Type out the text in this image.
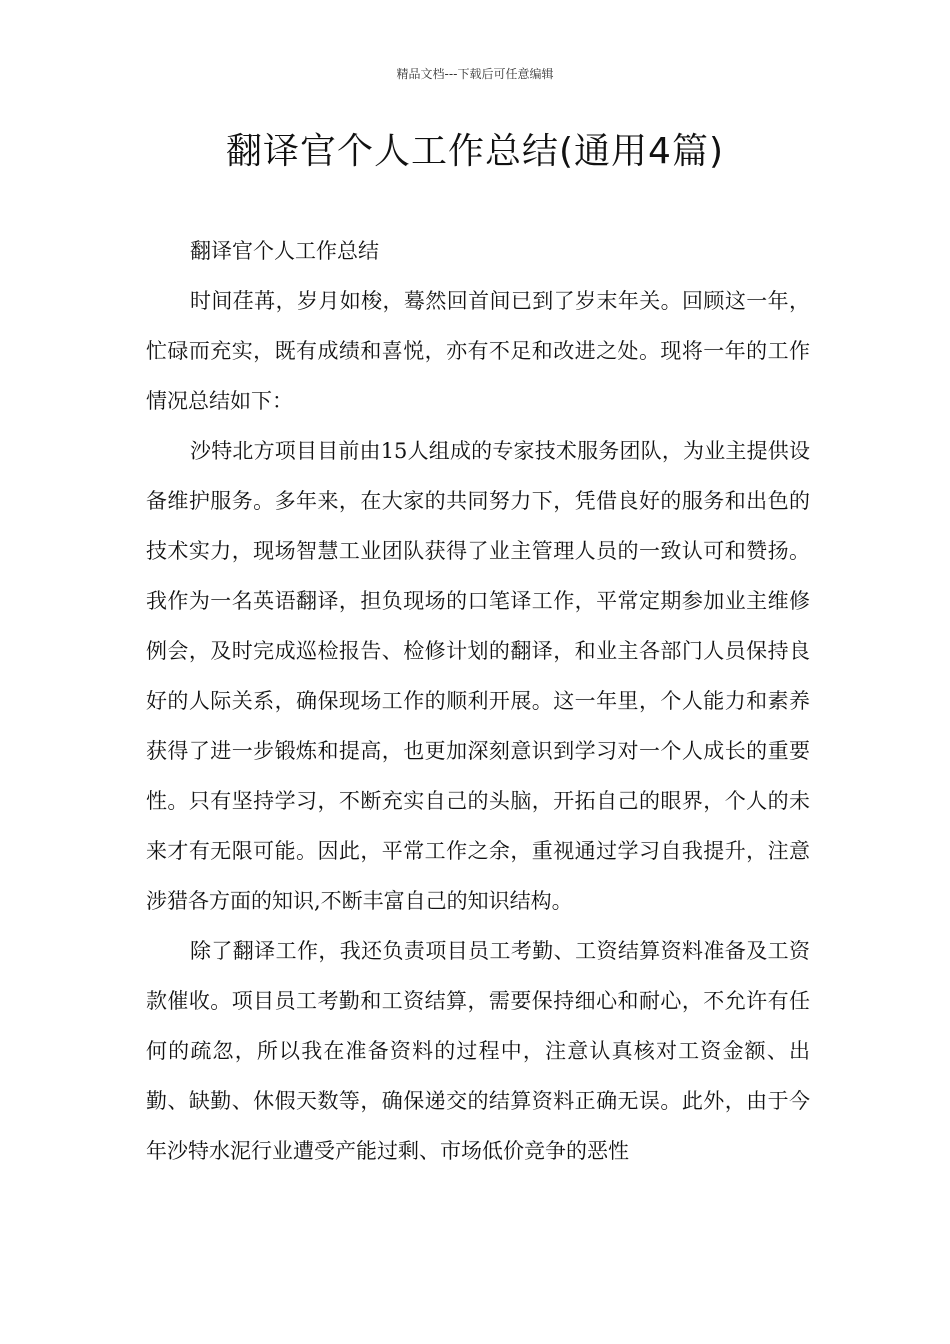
精品文档---下载后可任意编辑
翻译官个人工作总结(通用4篇)

翻译官个人工作总结

时间荏苒，岁月如梭，蓦然回首间已到了岁末年关。回顾这一年，忙碌而充实，既有成绩和喜悦，亦有不足和改进之处。现将一年的工作情况总结如下：

沙特北方项目目前由15人组成的专家技术服务团队，为业主提供设备维护服务。多年来，在大家的共同努力下，凭借良好的服务和出色的技术实力，现场智慧工业团队获得了业主管理人员的一致认可和赞扬。我作为一名英语翻译，担负现场的口笔译工作，平常定期参加业主维修例会，及时完成巡检报告、检修计划的翻译，和业主各部门人员保持良好的人际关系，确保现场工作的顺利开展。这一年里，个人能力和素养获得了进一步锻炼和提高，也更加深刻意识到学习对一个人成长的重要性。只有坚持学习，不断充实自己的头脑，开拓自己的眼界，个人的未来才有无限可能。因此，平常工作之余，重视通过学习自我提升，注意涉猎各方面的知识,不断丰富自己的知识结构。

除了翻译工作，我还负责项目员工考勤、工资结算资料准备及工资款催收。项目员工考勤和工资结算，需要保持细心和耐心，不允许有任何的疏忽，所以我在准备资料的过程中，注意认真核对工资金额、出勤、缺勤、休假天数等，确保递交的结算资料正确无误。此外，由于今年沙特水泥行业遭受产能过剩、市场低价竞争的恶性
